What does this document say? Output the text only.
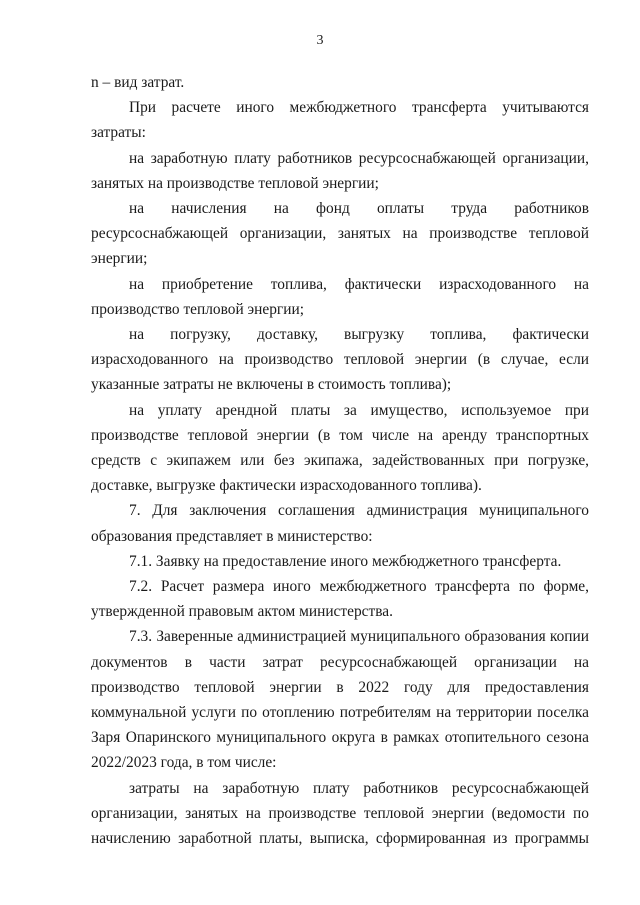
3

n – вид затрат.

При расчете иного межбюджетного трансферта учитываются затраты:

на заработную плату работников ресурсоснабжающей организации, занятых на производстве тепловой энергии;

на начисления на фонд оплаты труда работников ресурсоснабжающей организации, занятых на производстве тепловой энергии;

на приобретение топлива, фактически израсходованного на производство тепловой энергии;

на погрузку, доставку, выгрузку топлива, фактически израсходованного на производство тепловой энергии (в случае, если указанные затраты не включены в стоимость топлива);

на уплату арендной платы за имущество, используемое при производстве тепловой энергии (в том числе на аренду транспортных средств с экипажем или без экипажа, задействованных при погрузке, доставке, выгрузке фактически израсходованного топлива).

7. Для заключения соглашения администрация муниципального образования представляет в министерство:

7.1. Заявку на предоставление иного межбюджетного трансферта.

7.2. Расчет размера иного межбюджетного трансферта по форме, утвержденной правовым актом министерства.

7.3. Заверенные администрацией муниципального образования копии документов в части затрат ресурсоснабжающей организации на производство тепловой энергии в 2022 году для предоставления коммунальной услуги по отоплению потребителям на территории поселка Заря Опаринского муниципального округа в рамках отопительного сезона 2022/2023 года, в том числе:

затраты на заработную плату работников ресурсоснабжающей организации, занятых на производстве тепловой энергии (ведомости по начислению заработной платы, выписка, сформированная из программы
